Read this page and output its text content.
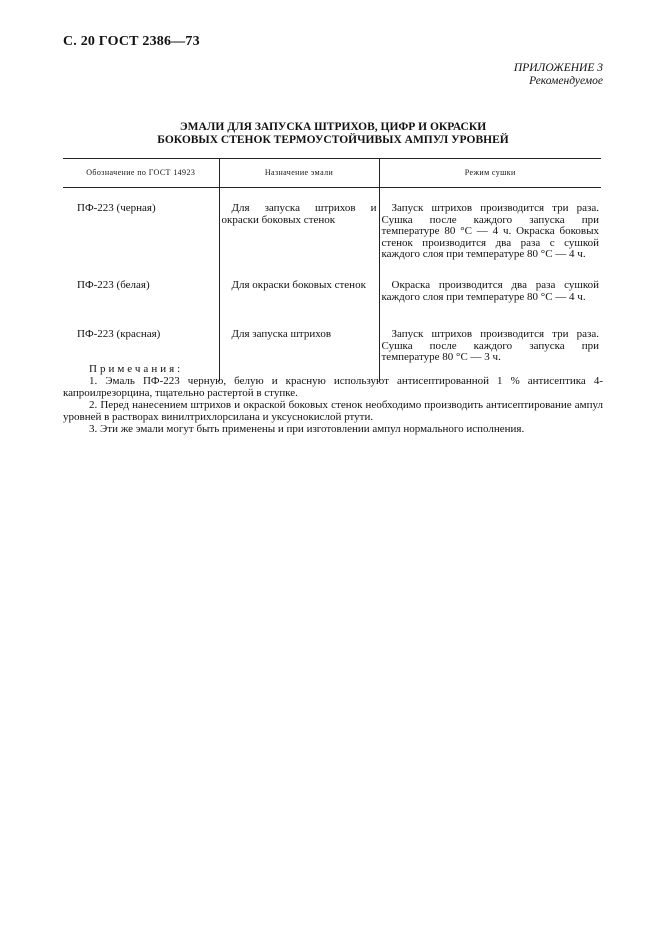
С. 20 ГОСТ 2386—73
ПРИЛОЖЕНИЕ 3
Рекомендуемое
ЭМАЛИ ДЛЯ ЗАПУСКА ШТРИХОВ, ЦИФР И ОКРАСКИ
БОКОВЫХ СТЕНОК ТЕРМОУСТОЙЧИВЫХ АМПУЛ УРОВНЕЙ
Обозначение по ГОСТ 14923	Назначение эмали	Режим сушки
ПФ-223 (черная)	Для запуска штрихов и окраски боковых стенок	Запуск штрихов производится три раза. Сушка после каждого запуска при температуре 80 °С — 4 ч. Окраска боковых стенок производится два раза с сушкой каждого слоя при температуре 80 °С — 4 ч.
ПФ-223 (белая)	Для окраски боковых стенок	Окраска производится два раза сушкой каждого слоя при температуре 80 °С — 4 ч.
ПФ-223 (красная)	Для запуска штрихов	Запуск штрихов производится три раза. Сушка после каждого запуска при температуре 80 °С — 3 ч.

Примечания:

1. Эмаль ПФ-223 черную, белую и красную используют антисептированной 1 % антисептика 4-капроилрезорцина, тщательно растертой в ступке.

2. Перед нанесением штрихов и окраской боковых стенок необходимо производить антисептирование ампул уровней в растворах винилтрихлорсилана и уксуснокислой ртути.

3. Эти же эмали могут быть применены и при изготовлении ампул нормального исполнения.
